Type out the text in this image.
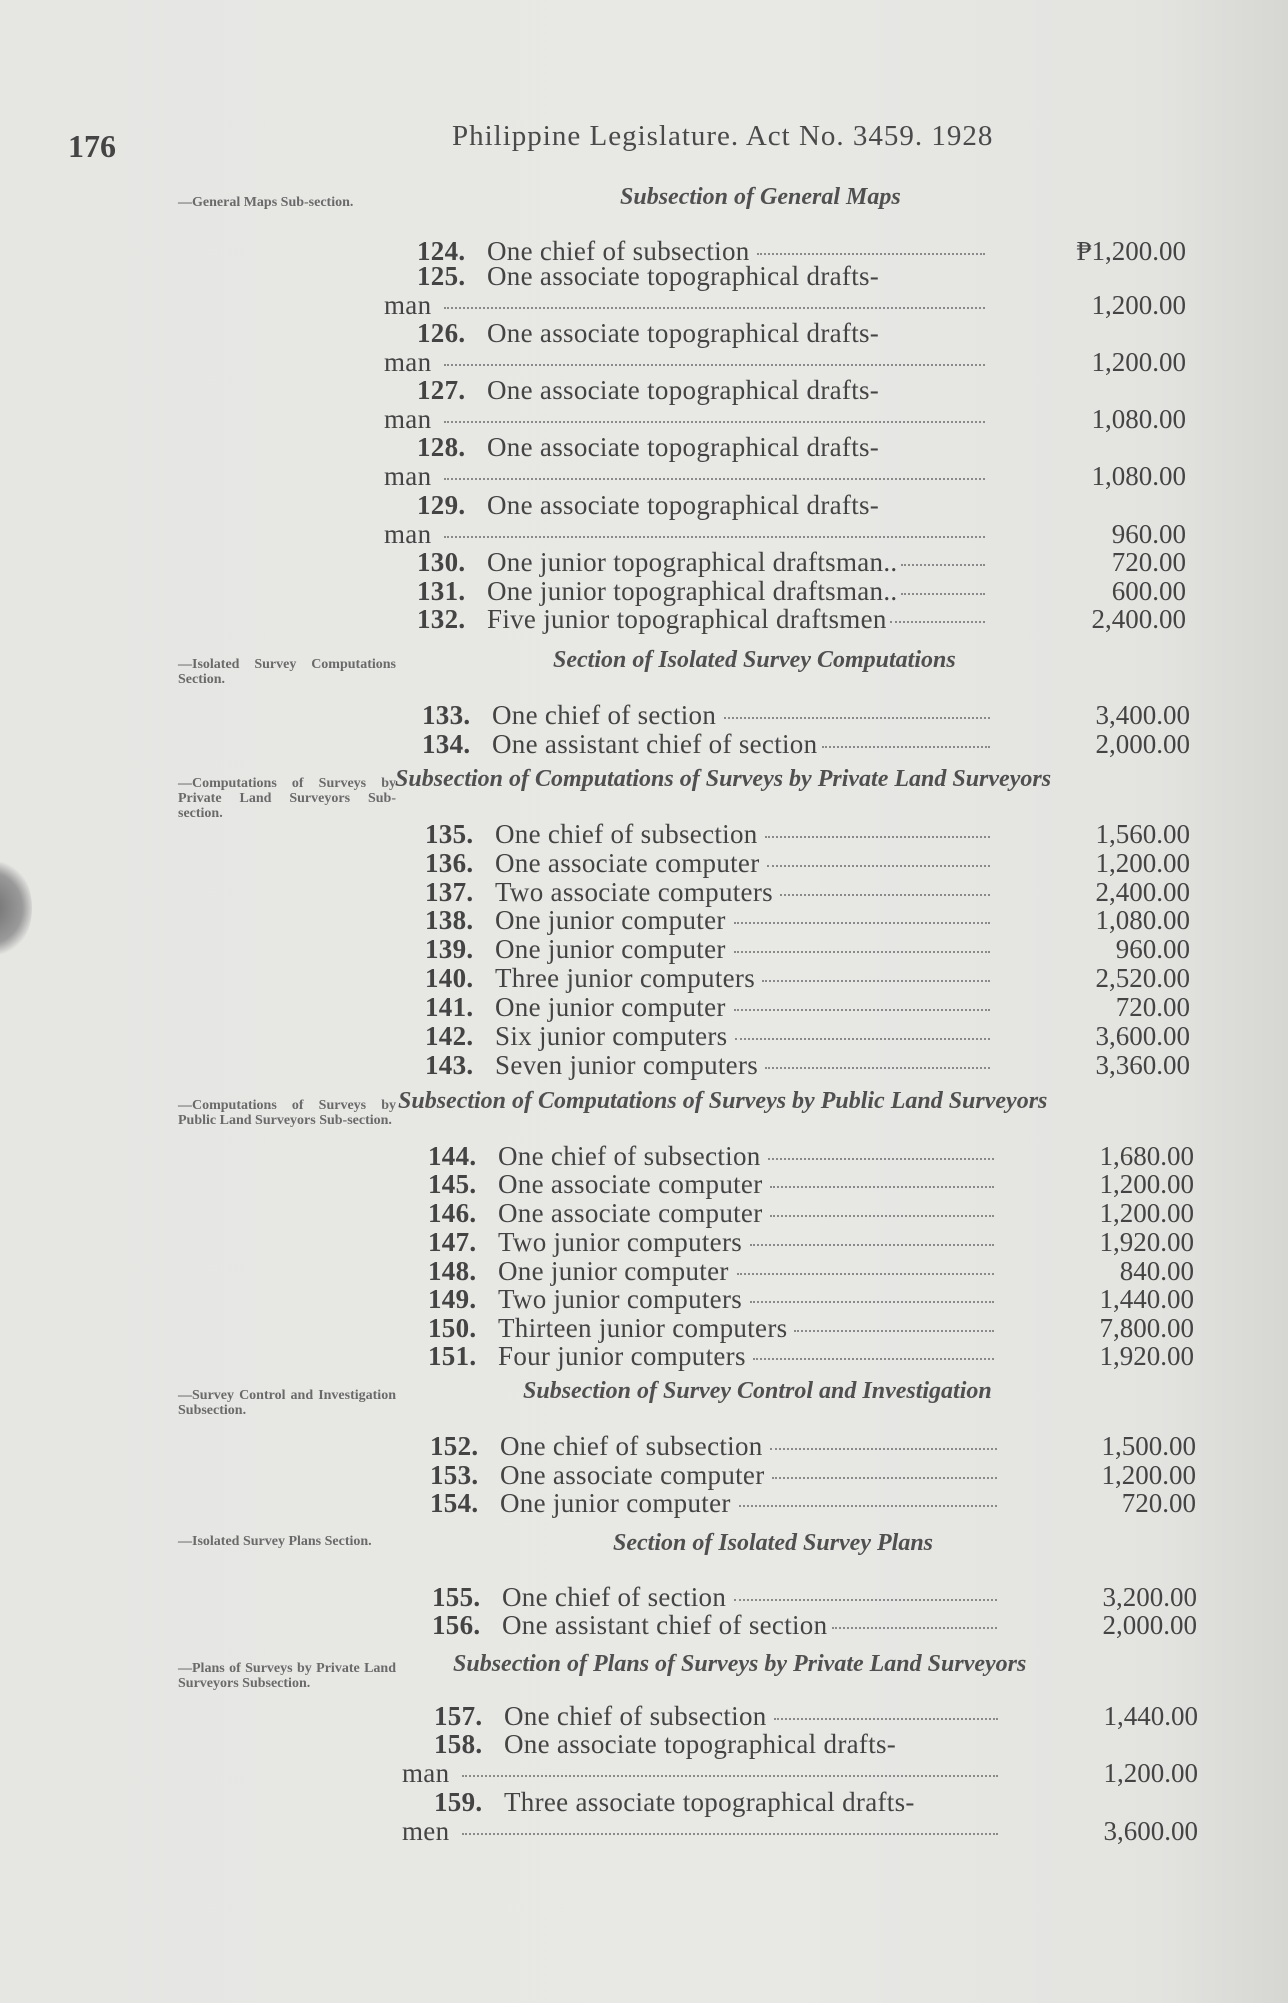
176	Philippine Legislature. Act No. 3459. 1928
—General Maps Sub-section.	Subsection of General Maps
124. One chief of subsection	₱1,200.00
125. One associate topographical drafts-
man	1,200.00
126. One associate topographical drafts-
man	1,200.00
127. One associate topographical drafts-
man	1,080.00
128. One associate topographical drafts-
man	1,080.00
129. One associate topographical drafts-
man	960.00
130. One junior topographical draftsman..	720.00
131. One junior topographical draftsman..	600.00
132. Five junior topographical draftsmen	2,400.00
—Isolated Survey Computations Section.
Section of Isolated Survey Computations
133. One chief of section	3,400.00
134. One assistant chief of section	2,000.00
—Computations of Surveys by Private Land Surveyors Sub-section.
Subsection of Computations of Surveys by Private Land Surveyors
135. One chief of subsection	1,560.00
136. One associate computer	1,200.00
137. Two associate computers	2,400.00
138. One junior computer	1,080.00
139. One junior computer	960.00
140. Three junior computers	2,520.00
141. One junior computer	720.00
142. Six junior computers	3,600.00
143. Seven junior computers	3,360.00
—Computations of Surveys by Public Land Surveyors Sub-section.
Subsection of Computations of Surveys by Public Land Surveyors
144. One chief of subsection	1,680.00
145. One associate computer	1,200.00
146. One associate computer	1,200.00
147. Two junior computers	1,920.00
148. One junior computer	840.00
149. Two junior computers	1,440.00
150. Thirteen junior computers	7,800.00
151. Four junior computers	1,920.00
—Survey Control and Investigation Subsection.
Subsection of Survey Control and Investigation
152. One chief of subsection	1,500.00
153. One associate computer	1,200.00
154. One junior computer	720.00
—Isolated Survey Plans Section.	Section of Isolated Survey Plans
155. One chief of section	3,200.00
156. One assistant chief of section	2,000.00
—Plans of Surveys by Private Land Surveyors Subsection.
Subsection of Plans of Surveys by Private Land Surveyors
157. One chief of subsection	1,440.00
158. One associate topographical drafts-
man	1,200.00
159. Three associate topographical drafts-
men	3,600.00
